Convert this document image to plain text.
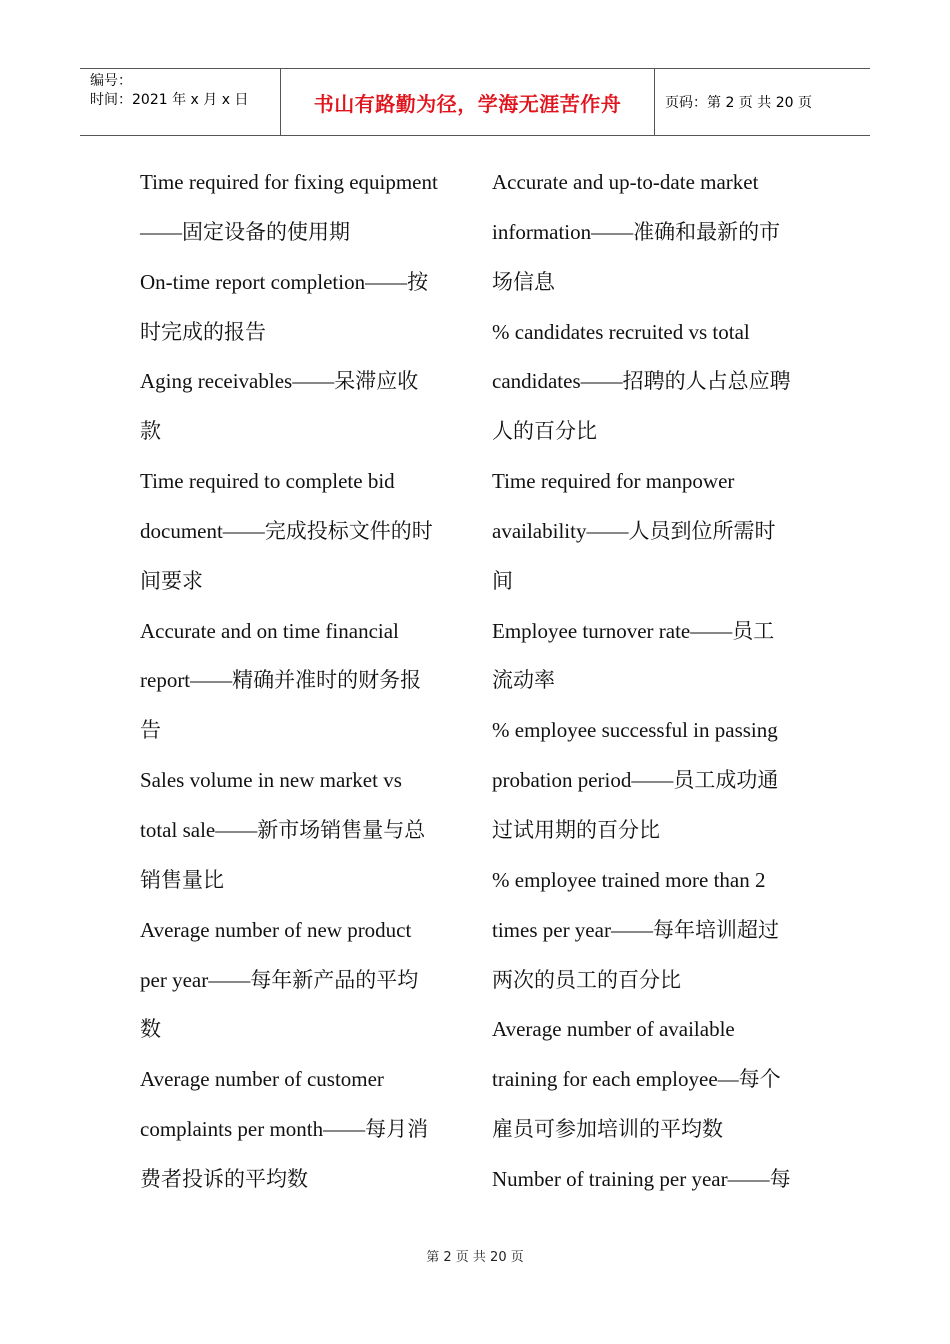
编号：
时间：2021 年 x 月 x 日	书山有路勤为径，学海无涯苦作舟	页码：第 2 页 共 20 页
Time required for fixing equipment
——固定设备的使用期
On-time report completion——按
时完成的报告
Aging receivables——呆滞应收
款
Time required to complete bid
document——完成投标文件的时
间要求
Accurate and on time financial
report——精确并准时的财务报
告
Sales volume in new market vs
total sale——新市场销售量与总
销售量比
Average number of new product
per year——每年新产品的平均
数
Average number of customer
complaints per month——每月消
费者投诉的平均数
Accurate and up-to-date market
information——准确和最新的市
场信息
% candidates recruited vs total
candidates——招聘的人占总应聘
人的百分比
Time required for manpower
availability——人员到位所需时
间
Employee turnover rate——员工
流动率
% employee successful in passing
probation period——员工成功通
过试用期的百分比
% employee trained more than 2
times per year——每年培训超过
两次的员工的百分比
Average number of available
training for each employee—每个
雇员可参加培训的平均数
Number of training per year——每
第 2 页 共 20 页
